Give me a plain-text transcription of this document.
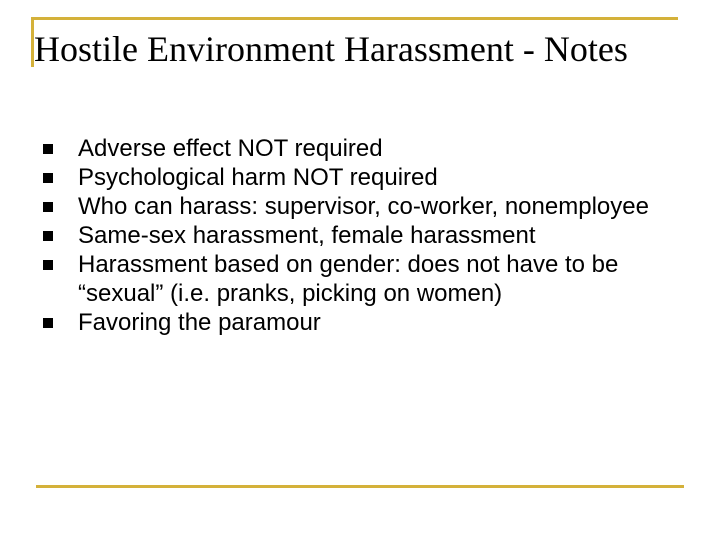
Hostile Environment Harassment - Notes
Adverse effect NOT required
Psychological harm NOT required
Who can harass: supervisor, co-worker, nonemployee
Same-sex harassment, female harassment
Harassment based on gender: does not have to be “sexual” (i.e. pranks, picking on women)
Favoring the paramour
